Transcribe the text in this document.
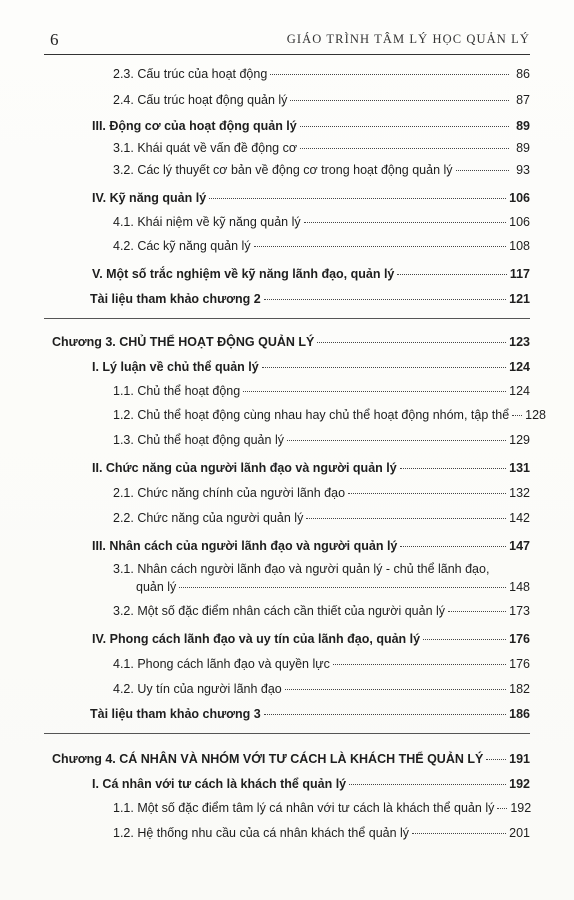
6	GIÁO TRÌNH TÂM LÝ HỌC QUẢN LÝ
2.3. Cấu trúc của hoạt động	86
2.4. Cấu trúc hoạt động quản lý	87
III. Động cơ của hoạt động quản lý	89
3.1. Khái quát về vấn đề động cơ	89
3.2. Các lý thuyết cơ bản về động cơ trong hoạt động quản lý	93
IV. Kỹ năng quản lý	106
4.1. Khái niệm về kỹ năng quản lý	106
4.2. Các kỹ năng quản lý	108
V. Một số trắc nghiệm về kỹ năng lãnh đạo, quản lý	117
Tài liệu tham khảo chương 2	121
Chương 3. CHỦ THỂ HOẠT ĐỘNG QUẢN LÝ	123
I. Lý luận về chủ thể quản lý	124
1.1. Chủ thể hoạt động	124
1.2. Chủ thể hoạt động cùng nhau hay chủ thể hoạt động nhóm, tập thể 128
1.3. Chủ thể hoạt động quản lý	129
II. Chức năng của người lãnh đạo và người quản lý	131
2.1. Chức năng chính của người lãnh đạo	132
2.2. Chức năng của người quản lý	142
III. Nhân cách của người lãnh đạo và người quản lý	147
3.1. Nhân cách người lãnh đạo và người quản lý - chủ thể lãnh đạo,
quản lý	148
3.2. Một số đặc điểm nhân cách cần thiết của người quản lý	173
IV. Phong cách lãnh đạo và uy tín của lãnh đạo, quản lý	176
4.1. Phong cách lãnh đạo và quyền lực	176
4.2. Uy tín của người lãnh đạo	182
Tài liệu tham khảo chương 3	186
Chương 4. CÁ NHÂN VÀ NHÓM VỚI TƯ CÁCH LÀ KHÁCH THỂ QUẢN LÝ 191
I. Cá nhân với tư cách là khách thể quản lý	192
1.1. Một số đặc điểm tâm lý cá nhân với tư cách là khách thể quản lý 192
1.2. Hệ thống nhu cầu của cá nhân khách thể quản lý	201
